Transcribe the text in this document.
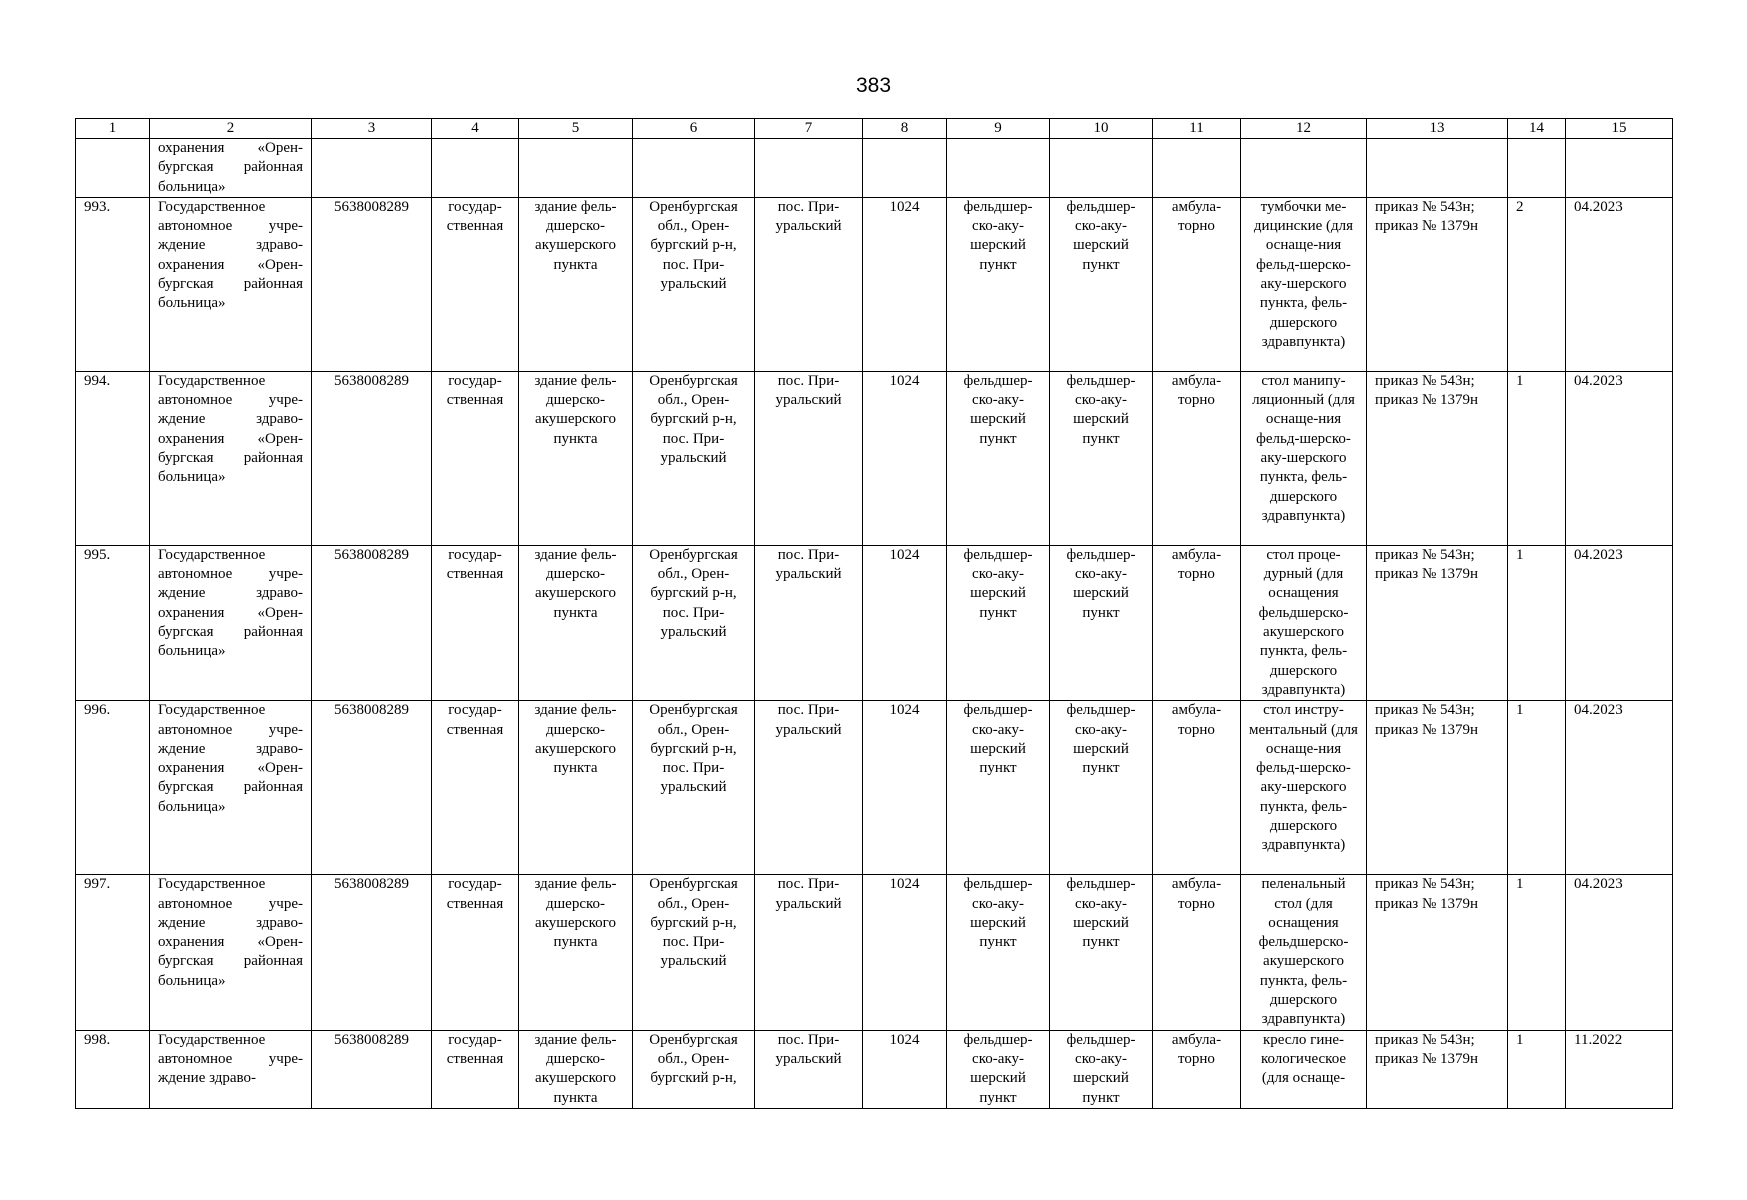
383
1	2	3	4	5	6	7	8	9	10	11	12	13	14	15
	охранения «Орен-бургская районная больница»													
993.	Государственное автономное учре-ждение здраво-охранения «Орен-бургская районная больница»	5638008289	государ-ственная	здание фель-дшерско-акушерского пункта	Оренбургская обл., Орен-бургский р-н, пос. При-уральский	пос. При-уральский	1024	фельдшер-ско-аку-шерский пункт	фельдшер-ско-аку-шерский пункт	амбула-торно	тумбочки ме-дицинские (для оснаще-ния фельд-шерско-аку-шерского пункта, фель-дшерского здравпункта)	приказ № 543н; приказ № 1379н	2	04.2023
994.	Государственное автономное учре-ждение здраво-охранения «Орен-бургская районная больница»	5638008289	государ-ственная	здание фель-дшерско-акушерского пункта	Оренбургская обл., Орен-бургский р-н, пос. При-уральский	пос. При-уральский	1024	фельдшер-ско-аку-шерский пункт	фельдшер-ско-аку-шерский пункт	амбула-торно	стол манипу-ляционный (для оснаще-ния фельд-шерско-аку-шерского пункта, фель-дшерского здравпункта)	приказ № 543н; приказ № 1379н	1	04.2023
995.	Государственное автономное учре-ждение здраво-охранения «Орен-бургская районная больница»	5638008289	государ-ственная	здание фель-дшерско-акушерского пункта	Оренбургская обл., Орен-бургский р-н, пос. При-уральский	пос. При-уральский	1024	фельдшер-ско-аку-шерский пункт	фельдшер-ско-аку-шерский пункт	амбула-торно	стол проце-дурный (для оснащения фельдшерско-акушерского пункта, фель-дшерского здравпункта)	приказ № 543н; приказ № 1379н	1	04.2023
996.	Государственное автономное учре-ждение здраво-охранения «Орен-бургская районная больница»	5638008289	государ-ственная	здание фель-дшерско-акушерского пункта	Оренбургская обл., Орен-бургский р-н, пос. При-уральский	пос. При-уральский	1024	фельдшер-ско-аку-шерский пункт	фельдшер-ско-аку-шерский пункт	амбула-торно	стол инстру-ментальный (для оснаще-ния фельд-шерско-аку-шерского пункта, фель-дшерского здравпункта)	приказ № 543н; приказ № 1379н	1	04.2023
997.	Государственное автономное учре-ждение здраво-охранения «Орен-бургская районная больница»	5638008289	государ-ственная	здание фель-дшерско-акушерского пункта	Оренбургская обл., Орен-бургский р-н, пос. При-уральский	пос. При-уральский	1024	фельдшер-ско-аку-шерский пункт	фельдшер-ско-аку-шерский пункт	амбула-торно	пеленальный стол (для оснащения фельдшерско-акушерского пункта, фель-дшерского здравпункта)	приказ № 543н; приказ № 1379н	1	04.2023
998.	Государственное автономное учре-ждение здраво-	5638008289	государ-ственная	здание фель-дшерско-акушерского пункта	Оренбургская обл., Орен-бургский р-н,	пос. При-уральский	1024	фельдшер-ско-аку-шерский пункт	фельдшер-ско-аку-шерский пункт	амбула-торно	кресло гине-кологическое (для оснаще-	приказ № 543н; приказ № 1379н	1	11.2022
